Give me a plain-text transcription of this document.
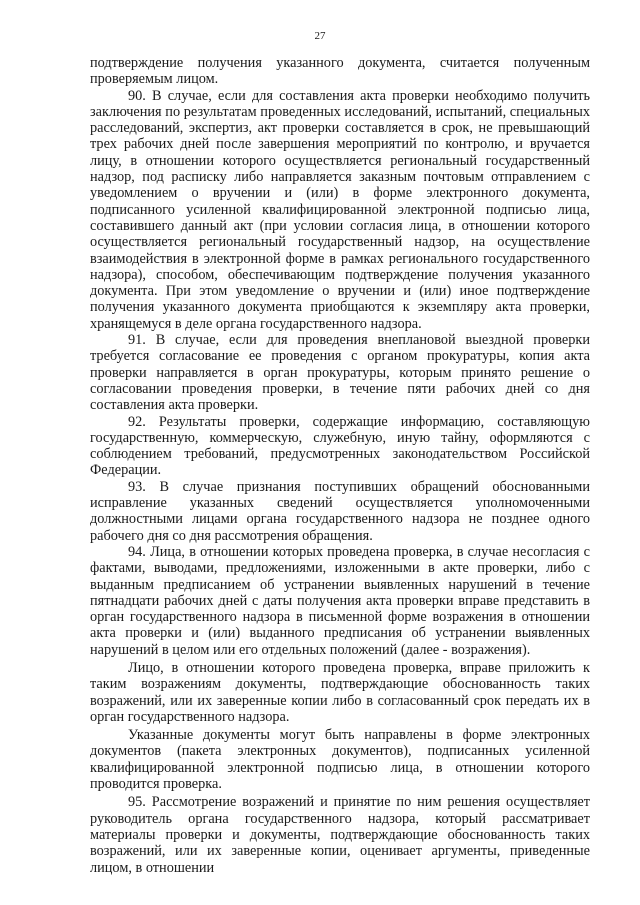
27

подтверждение получения указанного документа, считается полученным проверяемым лицом.

90. В случае, если для составления акта проверки необходимо получить заключения по результатам проведенных исследований, испытаний, специальных расследований, экспертиз, акт проверки составляется в срок, не превышающий трех рабочих дней после завершения мероприятий по контролю, и вручается лицу, в отношении которого осуществляется региональный государственный надзор, под расписку либо направляется заказным почтовым отправлением с уведомлением о вручении и (или) в форме электронного документа, подписанного усиленной квалифицированной электронной подписью лица, составившего данный акт (при условии согласия лица, в отношении которого осуществляется региональный государственный надзор, на осуществление взаимодействия в электронной форме в рамках регионального государственного надзора), способом, обеспечивающим подтверждение получения указанного документа. При этом уведомление о вручении и (или) иное подтверждение получения указанного документа приобщаются к экземпляру акта проверки, хранящемуся в деле органа государственного надзора.

91. В случае, если для проведения внеплановой выездной проверки требуется согласование ее проведения с органом прокуратуры, копия акта проверки направляется в орган прокуратуры, которым принято решение о согласовании проведения проверки, в течение пяти рабочих дней со дня составления акта проверки.

92. Результаты проверки, содержащие информацию, составляющую государственную, коммерческую, служебную, иную тайну, оформляются с соблюдением требований, предусмотренных законодательством Российской Федерации.

93. В случае признания поступивших обращений обоснованными исправление указанных сведений осуществляется уполномоченными должностными лицами органа государственного надзора не позднее одного рабочего дня со дня рассмотрения обращения.

94. Лица, в отношении которых проведена проверка, в случае несогласия с фактами, выводами, предложениями, изложенными в акте проверки, либо с выданным предписанием об устранении выявленных нарушений в течение пятнадцати рабочих дней с даты получения акта проверки вправе представить в орган государственного надзора в письменной форме возражения в отношении акта проверки и (или) выданного предписания об устранении выявленных нарушений в целом или его отдельных положений (далее - возражения).

Лицо, в отношении которого проведена проверка, вправе приложить к таким возражениям документы, подтверждающие обоснованность таких возражений, или их заверенные копии либо в согласованный срок передать их в орган государственного надзора.

Указанные документы могут быть направлены в форме электронных документов (пакета электронных документов), подписанных усиленной квалифицированной электронной подписью лица, в отношении которого проводится проверка.

95. Рассмотрение возражений и принятие по ним решения осуществляет руководитель органа государственного надзора, который рассматривает материалы проверки и документы, подтверждающие обоснованность таких возражений, или их заверенные копии, оценивает аргументы, приведенные лицом, в отношении
